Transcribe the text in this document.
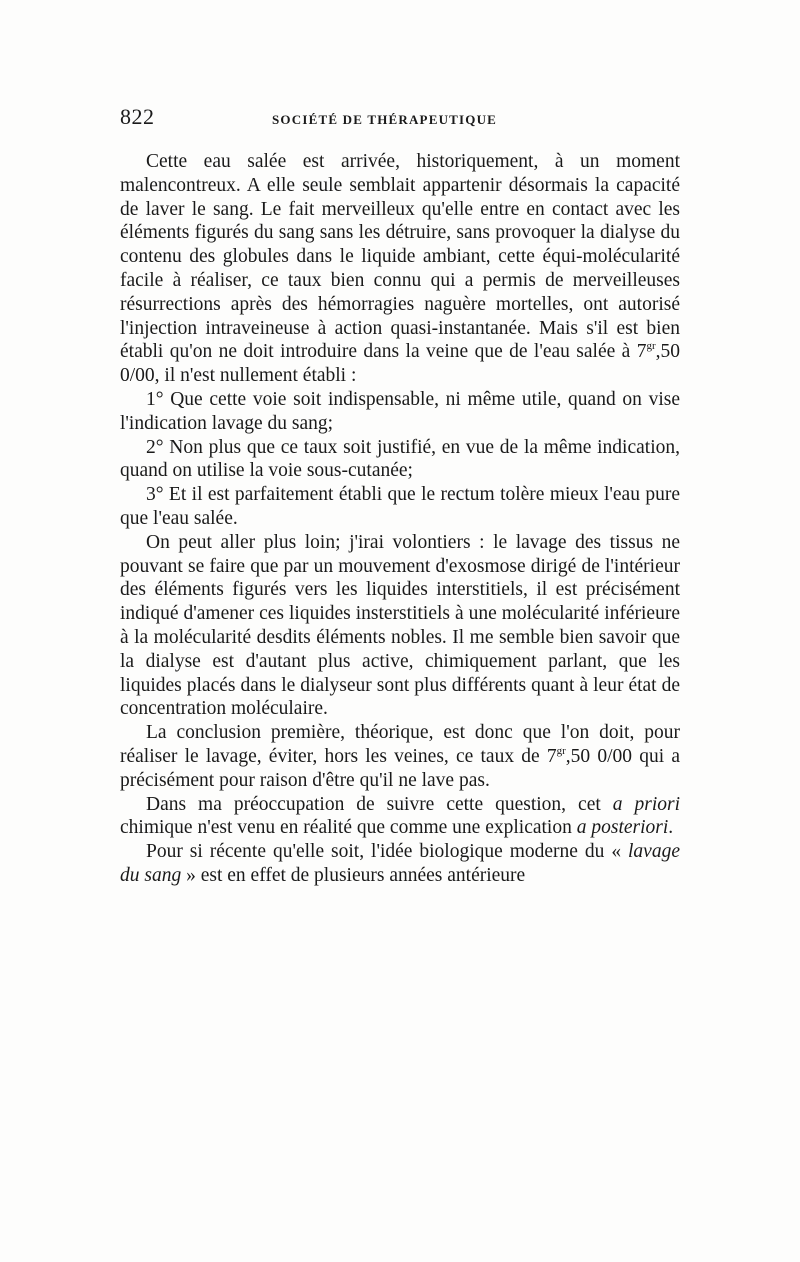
822	SOCIÉTÉ DE THÉRAPEUTIQUE

Cette eau salée est arrivée, historiquement, à un moment malencontreux. A elle seule semblait appartenir désormais la capacité de laver le sang. Le fait merveilleux qu'elle entre en contact avec les éléments figurés du sang sans les détruire, sans provoquer la dialyse du contenu des globules dans le liquide ambiant, cette équi-molécularité facile à réaliser, ce taux bien connu qui a permis de merveilleuses résurrections après des hémorragies naguère mortelles, ont autorisé l'injection intraveineuse à action quasi-instantanée. Mais s'il est bien établi qu'on ne doit introduire dans la veine que de l'eau salée à $7^{gr},50$ 0/00, il n'est nullement établi :

1° Que cette voie soit indispensable, ni même utile, quand on vise l'indication lavage du sang;

2° Non plus que ce taux soit justifié, en vue de la même indication, quand on utilise la voie sous-cutanée;

3° Et il est parfaitement établi que le rectum tolère mieux l'eau pure que l'eau salée.

On peut aller plus loin; j'irai volontiers : le lavage des tissus ne pouvant se faire que par un mouvement d'exosmose dirigé de l'intérieur des éléments figurés vers les liquides interstitiels, il est précisément indiqué d'amener ces liquides insterstitiels à une molécularité inférieure à la molécularité desdits éléments nobles. Il me semble bien savoir que la dialyse est d'autant plus active, chimiquement parlant, que les liquides placés dans le dialyseur sont plus différents quant à leur état de concentration moléculaire.

La conclusion première, théorique, est donc que l'on doit, pour réaliser le lavage, éviter, hors les veines, ce taux de $7^{gr},50$ 0/00 qui a précisément pour raison d'être qu'il ne lave pas.

Dans ma préoccupation de suivre cette question, cet a priori chimique n'est venu en réalité que comme une explication a posteriori.

Pour si récente qu'elle soit, l'idée biologique moderne du « lavage du sang » est en effet de plusieurs années antérieure
